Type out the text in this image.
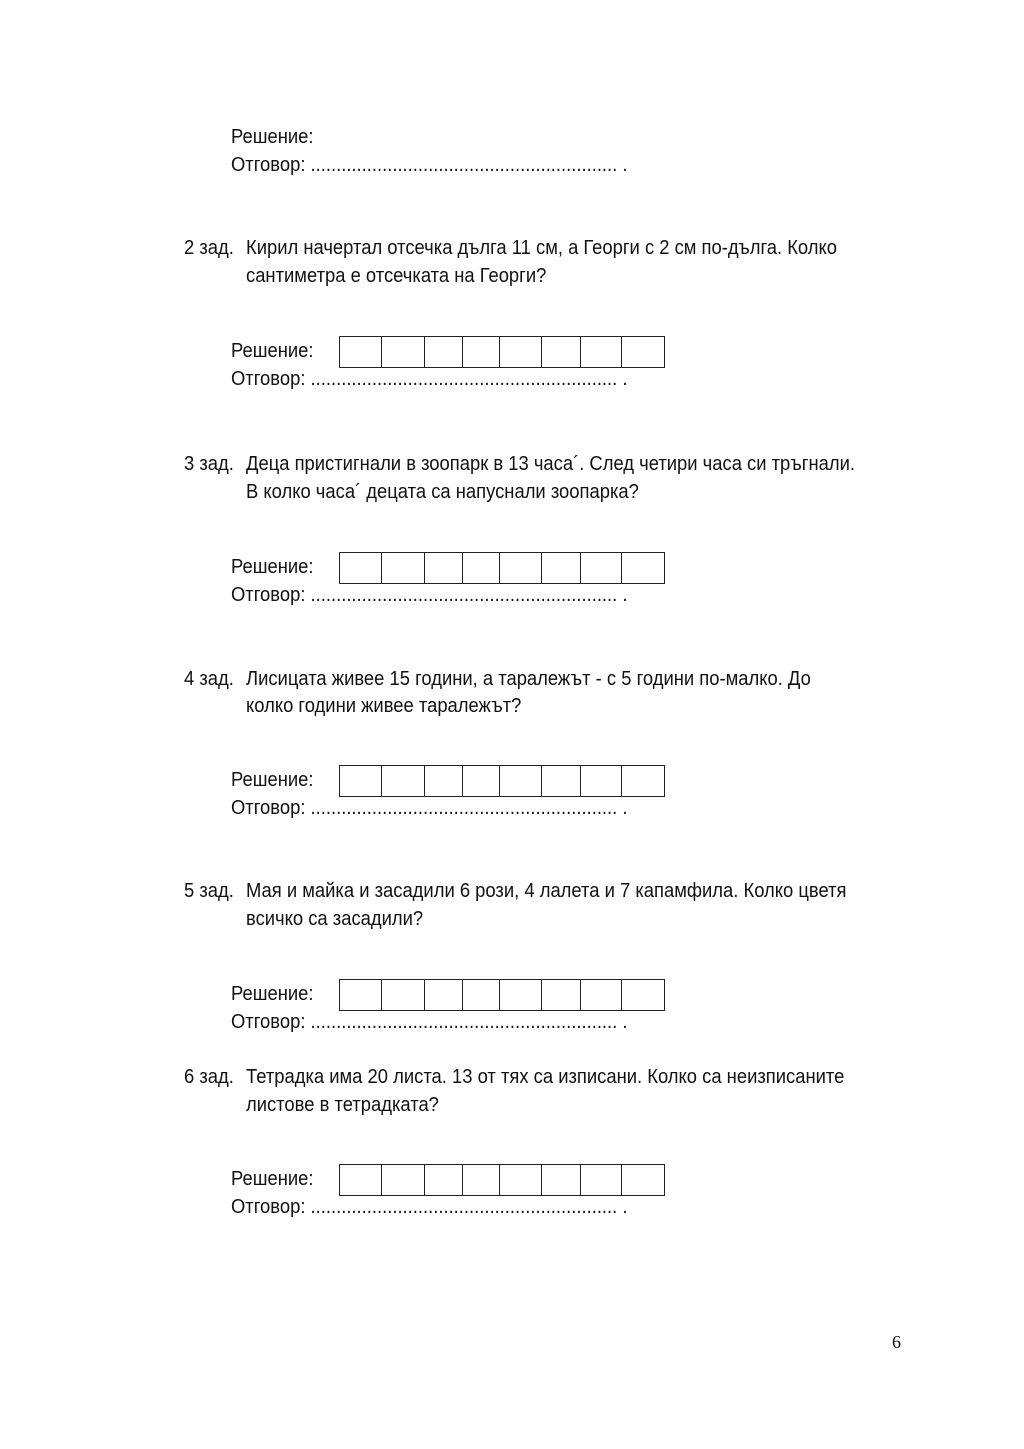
Решение:
Отговор: ............................................................ .
2 зад. Кирил начертал отсечка дълга 11 см, а Георги с 2 см по-дълга. Колко
сантиметра е отсечката на Георги?
Решение:
Отговор: ............................................................ .
3 зад. Деца пристигнали в зоопарк в 13 часа´. След четири часа си тръгнали.
В колко часа´ децата са напуснали зоопарка?
Решение:
Отговор: ............................................................ .
4 зад. Лисицата живее 15 години, а таралежът - с 5 години по-малко. До
колко години живее таралежът?
Решение:
Отговор: ............................................................ .
5 зад. Мая и майка и засадили 6 рози, 4 лалета и 7 капамфила. Колко цветя
всичко са засадили?
Решение:
Отговор: ............................................................ .
6 зад. Тетрадка има 20 листа. 13 от тях са изписани. Колко са неизписаните
листове в тетрадката?
Решение:
Отговор: ............................................................ .
6
